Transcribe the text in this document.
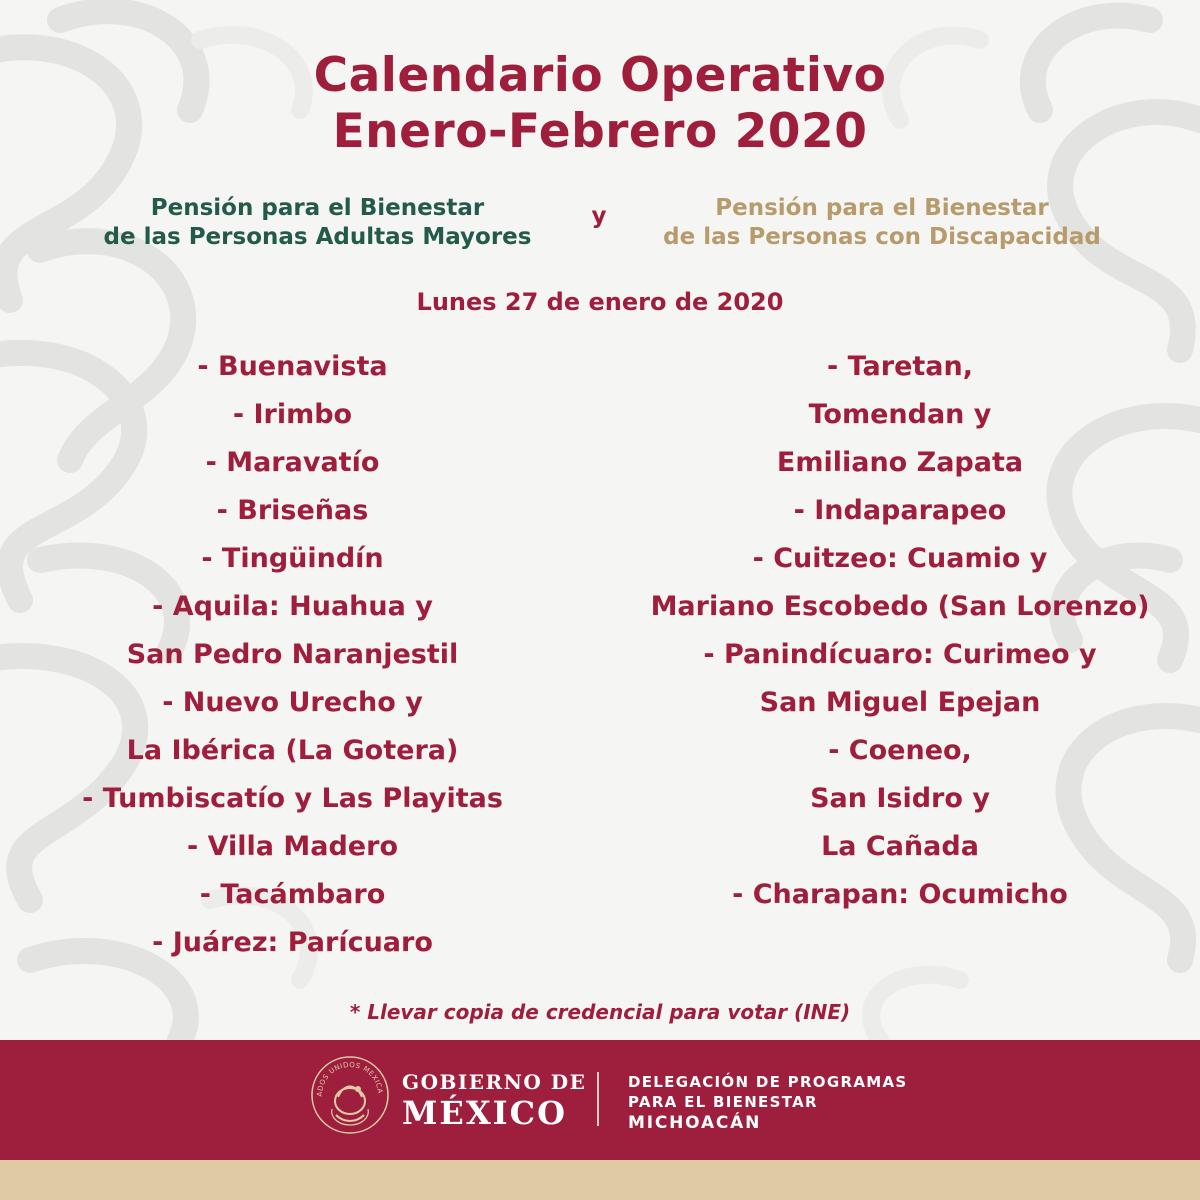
Calendario Operativo
Enero-Febrero 2020
Pensión para el Bienestar
de las Personas Adultas Mayores
y	Pensión para el Bienestar
de las Personas con Discapacidad
Lunes 27 de enero de 2020
- Buenavista
- Irimbo
- Maravatío
- Briseñas
- Tingüindín
- Aquila: Huahua y
San Pedro Naranjestil
- Nuevo Urecho y
La Ibérica (La Gotera)
- Tumbiscatío y Las Playitas
- Villa Madero
- Tacámbaro
- Juárez: Parícuaro
- Taretan,
Tomendan y
Emiliano Zapata
- Indaparapeo
- Cuitzeo: Cuamio y
Mariano Escobedo (San Lorenzo)
- Panindícuaro: Curimeo y
San Miguel Epejan
- Coeneo,
San Isidro y
La Cañada
- Charapan: Ocumicho
* Llevar copia de credencial para votar (INE)
ADOS UNIDOS MEXICA GOBIERNO DE
MÉXICO
DELEGACIÓN DE PROGRAMAS
PARA EL BIENESTAR
MICHOACÁN
